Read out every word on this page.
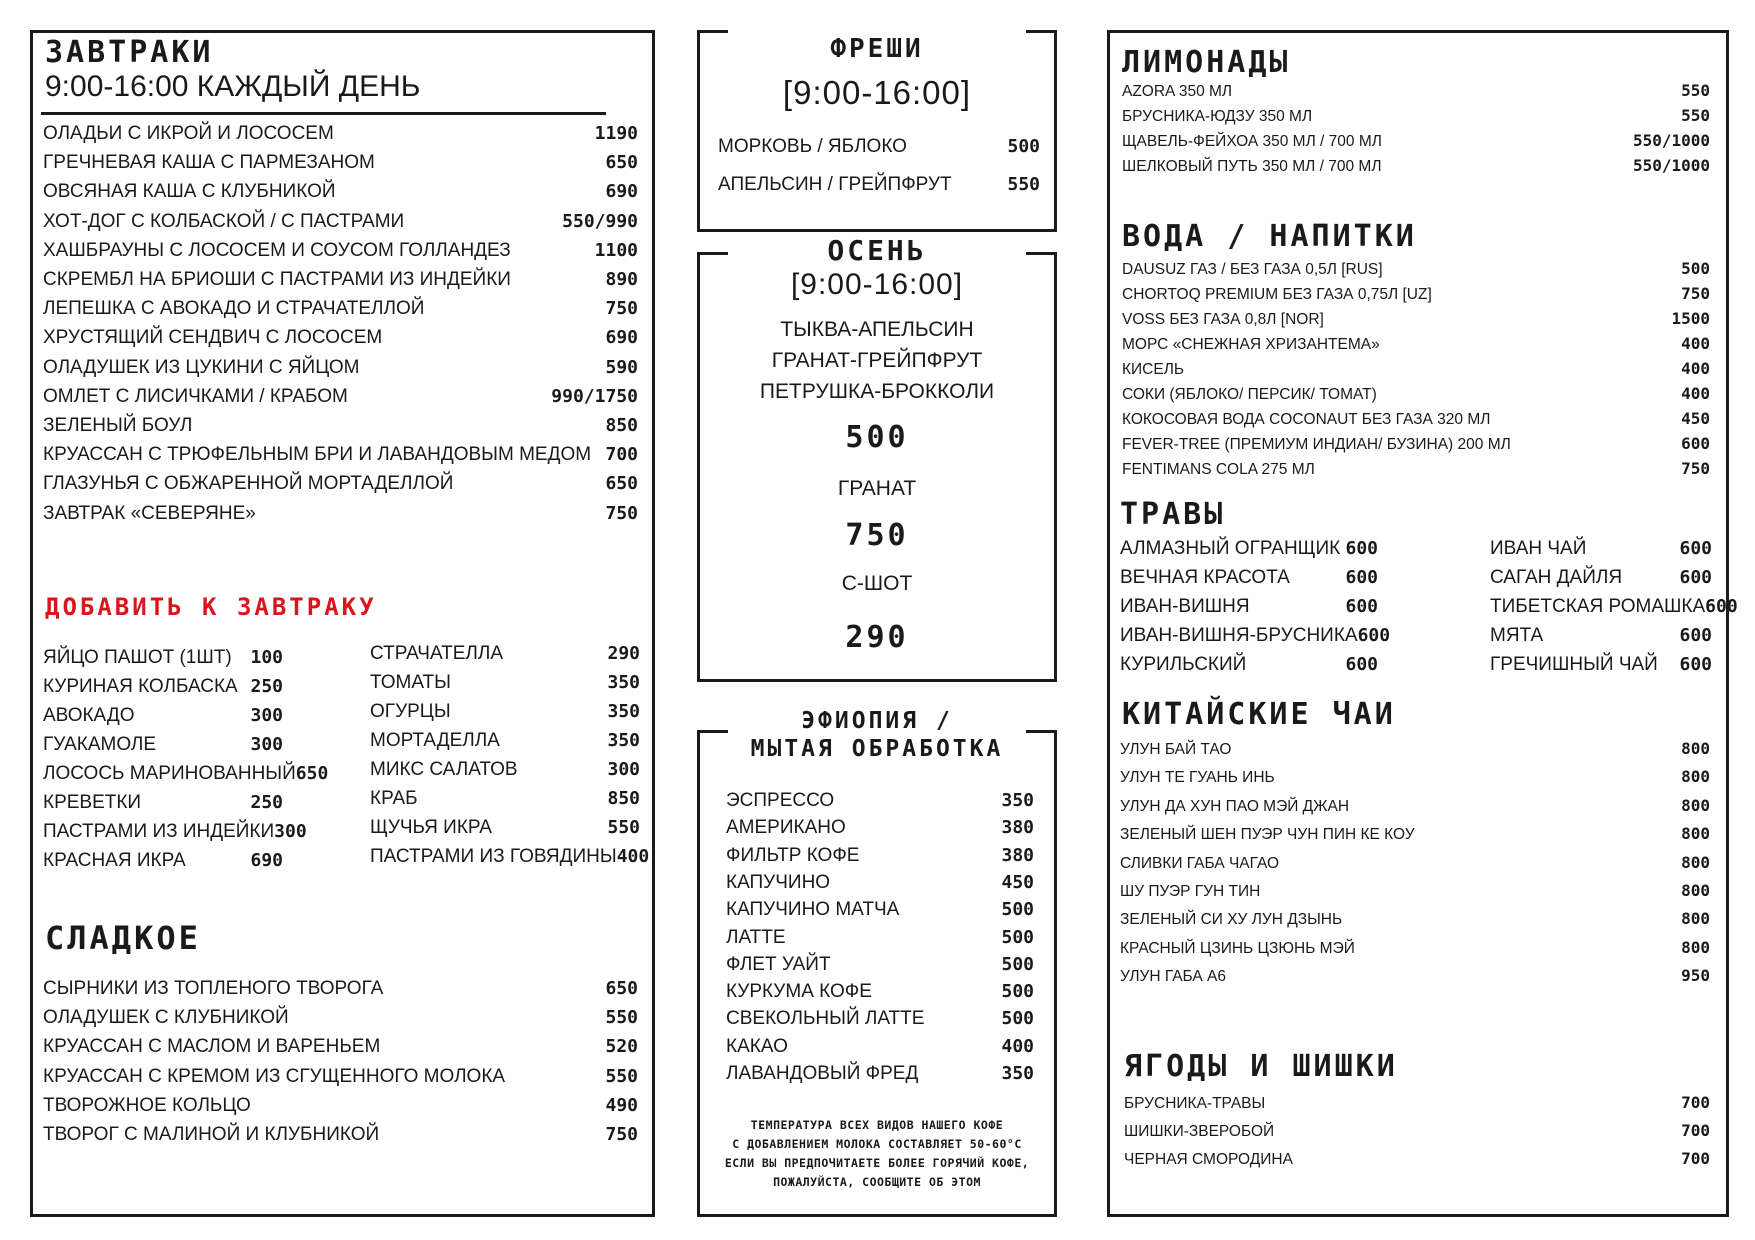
ЗАВТРАКИ
9:00-16:00 КАЖДЫЙ ДЕНЬ
ОЛАДЬИ С ИКРОЙ И ЛОСОСЕМ	1190
ГРЕЧНЕВАЯ КАША С ПАРМЕЗАНОМ	650
ОВСЯНАЯ КАША С КЛУБНИКОЙ	690
ХОТ-ДОГ С КОЛБАСКОЙ / С ПАСТРАМИ	550/990
ХАШБРАУНЫ С ЛОСОСЕМ И СОУСОМ ГОЛЛАНДЕЗ	1100
СКРЕМБЛ НА БРИОШИ С ПАСТРАМИ ИЗ ИНДЕЙКИ	890
ЛЕПЕШКА С АВОКАДО И СТРАЧАТЕЛЛОЙ	750
ХРУСТЯЩИЙ СЕНДВИЧ С ЛОСОСЕМ	690
ОЛАДУШЕК ИЗ ЦУКИНИ С ЯЙЦОМ	590
ОМЛЕТ С ЛИСИЧКАМИ / КРАБОМ	990/1750
ЗЕЛЕНЫЙ БОУЛ	850
КРУАССАН С ТРЮФЕЛЬНЫМ БРИ И ЛАВАНДОВЫМ МЕДОМ 700
ГЛАЗУНЬЯ С ОБЖАРЕННОЙ МОРТАДЕЛЛОЙ	650
ЗАВТРАК «СЕВЕРЯНЕ»	750
ДОБАВИТЬ К ЗАВТРАКУ
ЯЙЦО ПАШОТ (1ШТ) 100
КУРИНАЯ КОЛБАСКА 250
АВОКАДО	300
ГУАКАМОЛЕ	300
ЛОСОСЬ МАРИНОВАННЫЙ 650
КРЕВЕТКИ	250
ПАСТРАМИ ИЗ ИНДЕЙКИ 300
КРАСНАЯ ИКРА	690
СТРАЧАТЕЛЛА	290
ТОМАТЫ	350
ОГУРЦЫ	350
МОРТАДЕЛЛА	350
МИКС САЛАТОВ	300
КРАБ	850
ЩУЧЬЯ ИКРА	550
ПАСТРАМИ ИЗ ГОВЯДИНЫ 400
СЛАДКОЕ
СЫРНИКИ ИЗ ТОПЛЕНОГО ТВОРОГА	650
ОЛАДУШЕК С КЛУБНИКОЙ	550
КРУАССАН С МАСЛОМ И ВАРЕНЬЕМ	520
КРУАССАН С КРЕМОМ ИЗ СГУЩЕННОГО МОЛОКА	550
ТВОРОЖНОЕ КОЛЬЦО	490
ТВОРОГ С МАЛИНОЙ И КЛУБНИКОЙ	750
ФРЕШИ
[9:00-16:00]
МОРКОВЬ / ЯБЛОКО	500
АПЕЛЬСИН / ГРЕЙПФРУТ	550
ОСЕНЬ
[9:00-16:00]
ТЫКВА-АПЕЛЬСИН
ГРАНАТ-ГРЕЙПФРУТ
ПЕТРУШКА-БРОККОЛИ
500
ГРАНАТ
750
С-ШОТ
290
ЭФИОПИЯ /
МЫТАЯ ОБРАБОТКА
ЭСПРЕССО	350
АМЕРИКАНО	380
ФИЛЬТР КОФЕ	380
КАПУЧИНО	450
КАПУЧИНО МАТЧА	500
ЛАТТЕ	500
ФЛЕТ УАЙТ	500
КУРКУМА КОФЕ	500
СВЕКОЛЬНЫЙ ЛАТТЕ	500
КАКАО	400
ЛАВАНДОВЫЙ ФРЕД	350
ТЕМПЕРАТУРА ВСЕХ ВИДОВ НАШЕГО КОФЕ
С ДОБАВЛЕНИЕМ МОЛОКА СОСТАВЛЯЕТ 50-60°С
ЕСЛИ ВЫ ПРЕДПОЧИТАЕТЕ БОЛЕЕ ГОРЯЧИЙ КОФЕ,
ПОЖАЛУЙСТА, СООБЩИТЕ ОБ ЭТОМ
ЛИМОНАДЫ
AZORA 350 МЛ	550
БРУСНИКА-ЮДЗУ 350 МЛ	550
ЩАВЕЛЬ-ФЕЙХОА 350 МЛ / 700 МЛ	550/1000
ШЕЛКОВЫЙ ПУТЬ 350 МЛ / 700 МЛ	550/1000
ВОДА / НАПИТКИ
DAUSUZ ГАЗ / БЕЗ ГАЗА 0,5Л [RUS]	500
CHORTOQ PREMIUM БЕЗ ГАЗА 0,75Л [UZ]	750
VOSS БЕЗ ГАЗА 0,8Л [NOR]	1500
МОРС «СНЕЖНАЯ ХРИЗАНТЕМА»	400
КИСЕЛЬ	400
СОКИ (ЯБЛОКО/ ПЕРСИК/ ТОМАТ)	400
КОКОСОВАЯ ВОДА COCONAUT БЕЗ ГАЗА 320 МЛ	450
FEVER-TREE (ПРЕМИУМ ИНДИАН/ БУЗИНА) 200 МЛ	600
FENTIMANS COLA 275 МЛ	750
ТРАВЫ
АЛМАЗНЫЙ ОГРАНЩИК 600
ВЕЧНАЯ КРАСОТА	600
ИВАН-ВИШНЯ	600
ИВАН-ВИШНЯ-БРУСНИКА 600
КУРИЛЬСКИЙ	600
ИВАН ЧАЙ	600
САГАН ДАЙЛЯ	600
ТИБЕТСКАЯ РОМАШКА 600
МЯТА	600
ГРЕЧИШНЫЙ ЧАЙ 600
КИТАЙСКИЕ ЧАИ
УЛУН БАЙ ТАО	800
УЛУН ТЕ ГУАНЬ ИНЬ	800
УЛУН ДА ХУН ПАО МЭЙ ДЖАН	800
ЗЕЛЕНЫЙ ШЕН ПУЭР ЧУН ПИН КЕ КОУ	800
СЛИВКИ ГАБА ЧАГАО	800
ШУ ПУЭР ГУН ТИН	800
ЗЕЛЕНЫЙ СИ ХУ ЛУН ДЗЫНЬ	800
КРАСНЫЙ ЦЗИНЬ ЦЗЮНЬ МЭЙ	800
УЛУН ГАБА А6	950
ЯГОДЫ И ШИШКИ
БРУСНИКА-ТРАВЫ	700
ШИШКИ-ЗВЕРОБОЙ	700
ЧЕРНАЯ СМОРОДИНА	700
